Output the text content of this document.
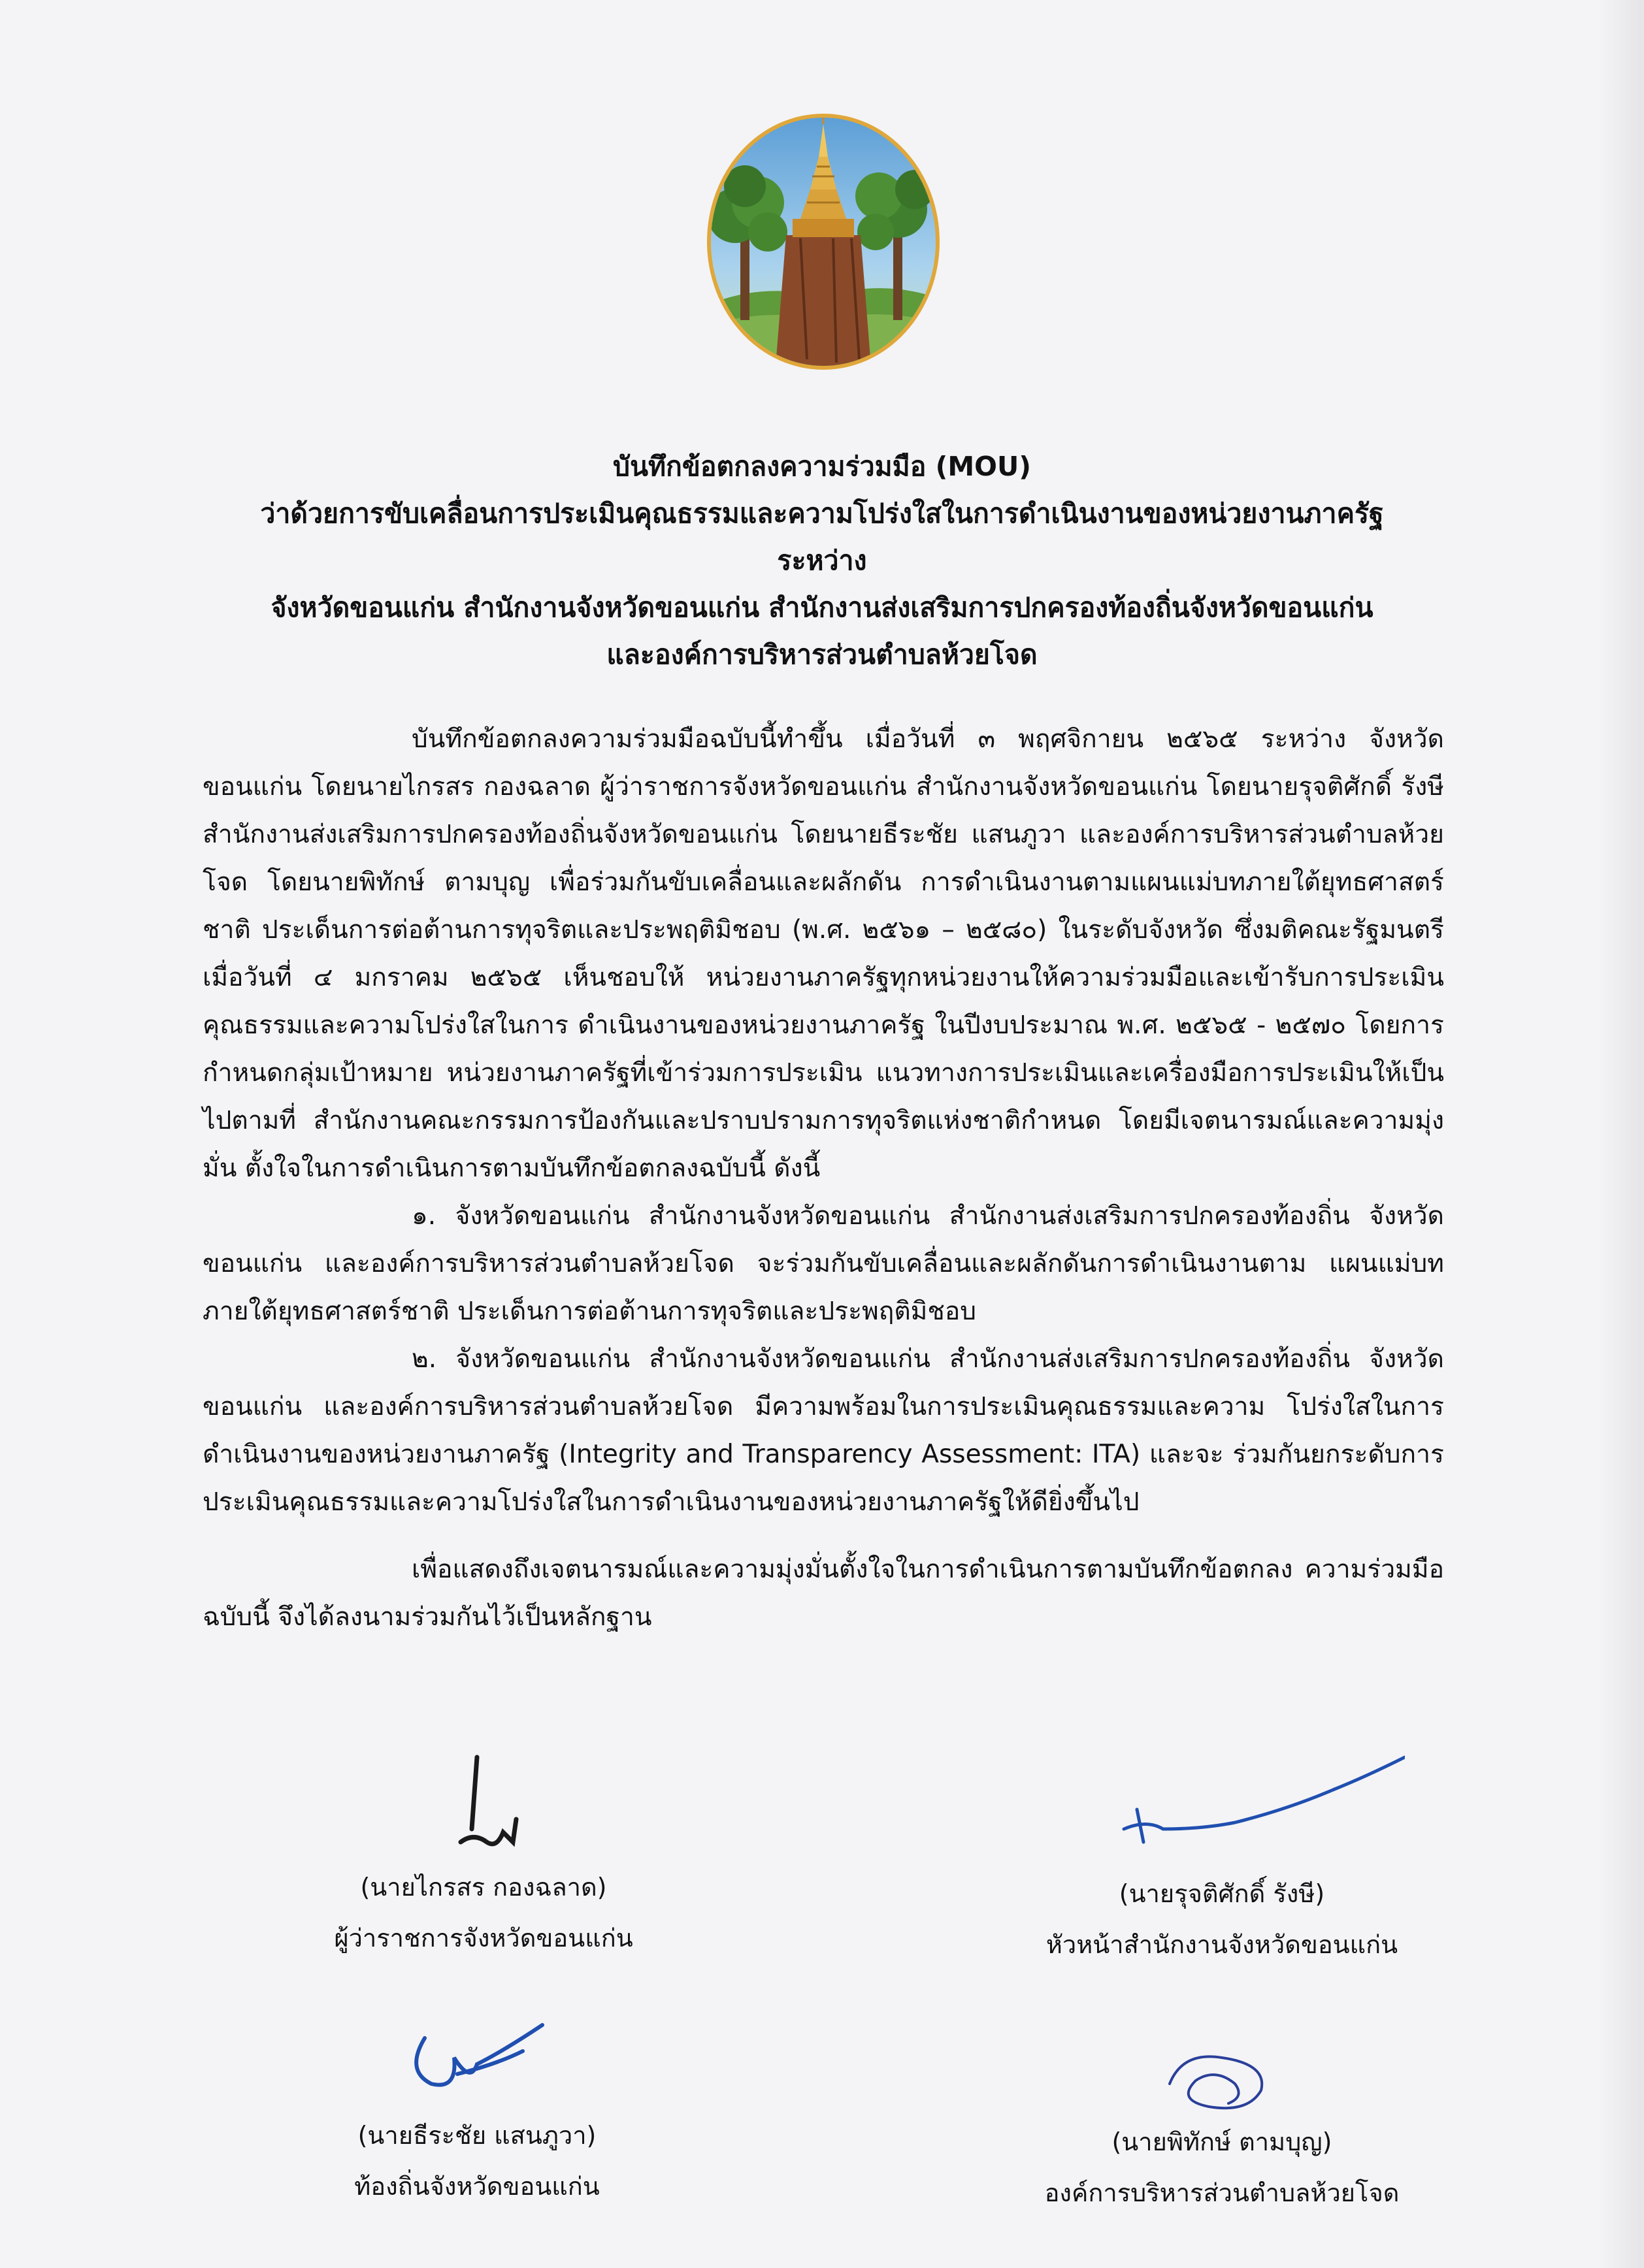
บันทึกข้อตกลงความร่วมมือ (MOU)
ว่าด้วยการขับเคลื่อนการประเมินคุณธรรมและความโปร่งใสในการดำเนินงานของหน่วยงานภาครัฐ
ระหว่าง
จังหวัดขอนแก่น สำนักงานจังหวัดขอนแก่น สำนักงานส่งเสริมการปกครองท้องถิ่นจังหวัดขอนแก่น
และองค์การบริหารส่วนตำบลห้วยโจด

บันทึกข้อตกลงความร่วมมือฉบับนี้ทำขึ้น เมื่อวันที่ ๓ พฤศจิกายน ๒๕๖๕ ระหว่าง จังหวัดขอนแก่น โดยนายไกรสร กองฉลาด ผู้ว่าราชการจังหวัดขอนแก่น สำนักงานจังหวัดขอนแก่น โดยนายรุจติศักดิ์ รังษี สำนักงานส่งเสริมการปกครองท้องถิ่นจังหวัดขอนแก่น โดยนายธีระชัย แสนภูวา และองค์การบริหารส่วนตำบลห้วยโจด โดยนายพิทักษ์ ตามบุญ เพื่อร่วมกันขับเคลื่อนและผลักดัน การดำเนินงานตามแผนแม่บทภายใต้ยุทธศาสตร์ชาติ ประเด็นการต่อต้านการทุจริตและประพฤติมิชอบ (พ.ศ. ๒๕๖๑ – ๒๕๘๐) ในระดับจังหวัด ซึ่งมติคณะรัฐมนตรีเมื่อวันที่ ๔ มกราคม ๒๕๖๕ เห็นชอบให้ หน่วยงานภาครัฐทุกหน่วยงานให้ความร่วมมือและเข้ารับการประเมินคุณธรรมและความโปร่งใสในการ ดำเนินงานของหน่วยงานภาครัฐ ในปีงบประมาณ พ.ศ. ๒๕๖๕ - ๒๕๗๐ โดยการกำหนดกลุ่มเป้าหมาย หน่วยงานภาครัฐที่เข้าร่วมการประเมิน แนวทางการประเมินและเครื่องมือการประเมินให้เป็นไปตามที่ สำนักงานคณะกรรมการป้องกันและปราบปรามการทุจริตแห่งชาติกำหนด โดยมีเจตนารมณ์และความมุ่งมั่น ตั้งใจในการดำเนินการตามบันทึกข้อตกลงฉบับนี้ ดังนี้

๑. จังหวัดขอนแก่น สำนักงานจังหวัดขอนแก่น สำนักงานส่งเสริมการปกครองท้องถิ่น จังหวัดขอนแก่น และองค์การบริหารส่วนตำบลห้วยโจด จะร่วมกันขับเคลื่อนและผลักดันการดำเนินงานตาม แผนแม่บทภายใต้ยุทธศาสตร์ชาติ ประเด็นการต่อต้านการทุจริตและประพฤติมิชอบ

๒. จังหวัดขอนแก่น สำนักงานจังหวัดขอนแก่น สำนักงานส่งเสริมการปกครองท้องถิ่น จังหวัดขอนแก่น และองค์การบริหารส่วนตำบลห้วยโจด มีความพร้อมในการประเมินคุณธรรมและความ โปร่งใสในการดำเนินงานของหน่วยงานภาครัฐ (Integrity and Transparency Assessment: ITA) และจะ ร่วมกันยกระดับการประเมินคุณธรรมและความโปร่งใสในการดำเนินงานของหน่วยงานภาครัฐให้ดียิ่งขึ้นไป

เพื่อแสดงถึงเจตนารมณ์และความมุ่งมั่นตั้งใจในการดำเนินการตามบันทึกข้อตกลง ความร่วมมือฉบับนี้ จึงได้ลงนามร่วมกันไว้เป็นหลักฐาน

(นายไกรสร กองฉลาด)
ผู้ว่าราชการจังหวัดขอนแก่น
(นายรุจติศักดิ์ รังษี)
หัวหน้าสำนักงานจังหวัดขอนแก่น
(นายธีระชัย แสนภูวา)
ท้องถิ่นจังหวัดขอนแก่น
(นายพิทักษ์ ตามบุญ)
องค์การบริหารส่วนตำบลห้วยโจด
